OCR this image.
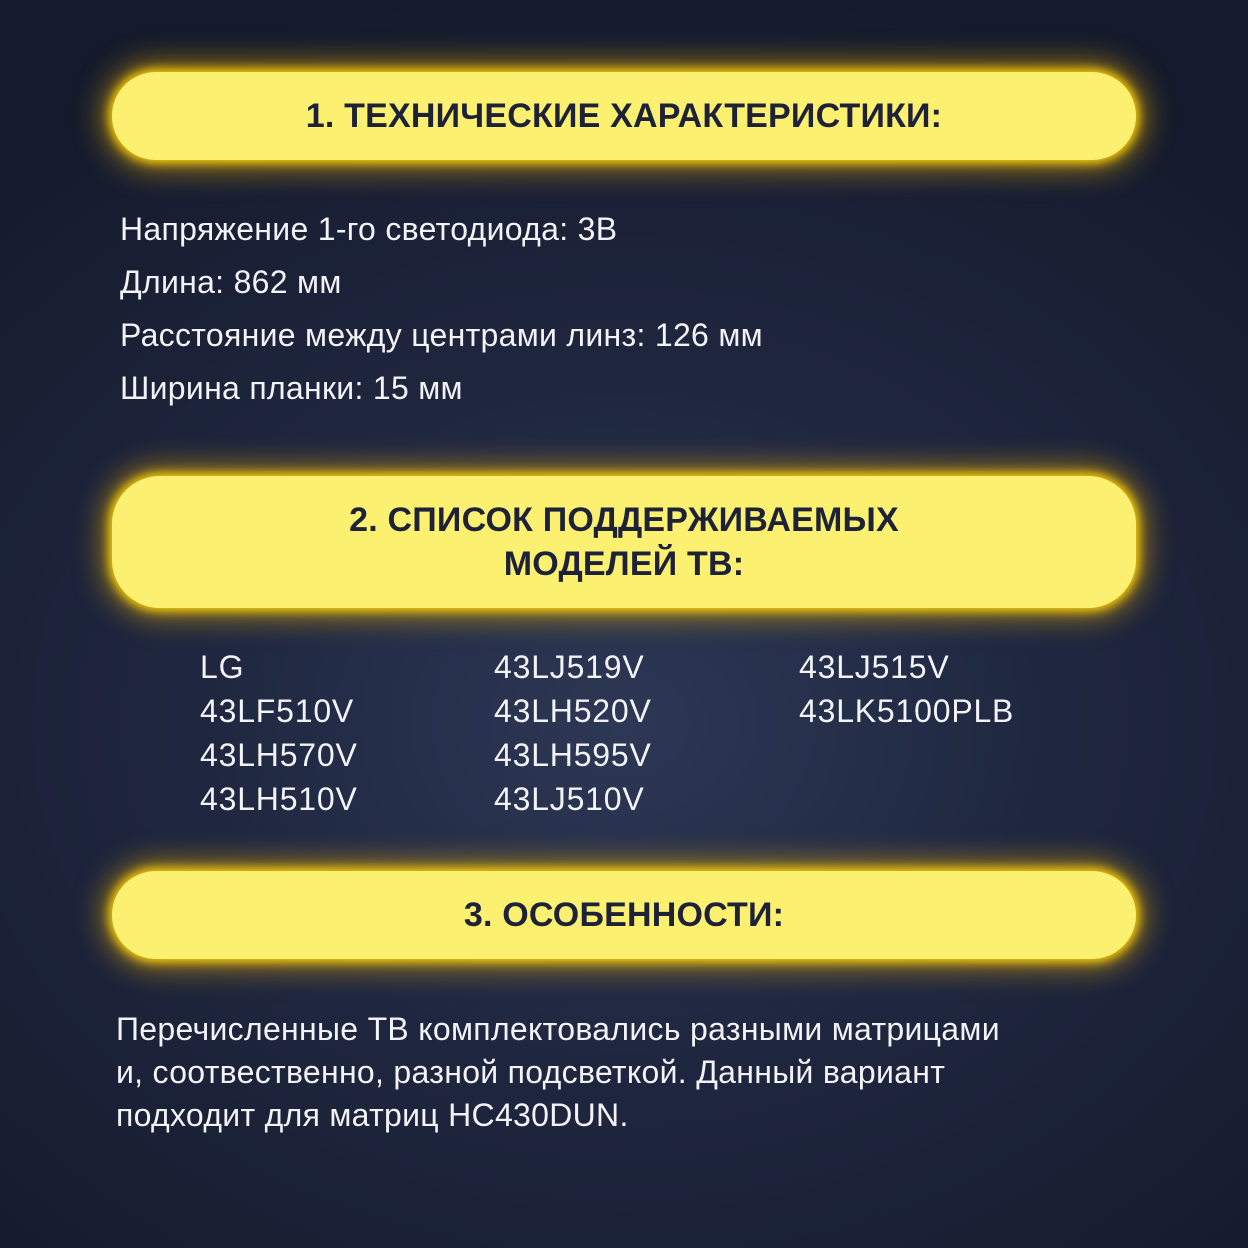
1. ТЕХНИЧЕСКИЕ ХАРАКТЕРИСТИКИ:
Напряжение 1-го светодиода: 3В
Длина: 862 мм
Расстояние между центрами линз: 126 мм
Ширина планки: 15 мм
2. СПИСОК ПОДДЕРЖИВАЕМЫХ
МОДЕЛЕЙ ТВ:
LG
43LF510V
43LH570V
43LH510V
43LJ519V
43LH520V
43LH595V
43LJ510V
43LJ515V
43LK5100PLB
3. ОСОБЕННОСТИ:

Перечисленные ТВ комплектовались разными матрицами
и, соотвественно, разной подсветкой. Данный вариант
подходит для матриц HC430DUN.
